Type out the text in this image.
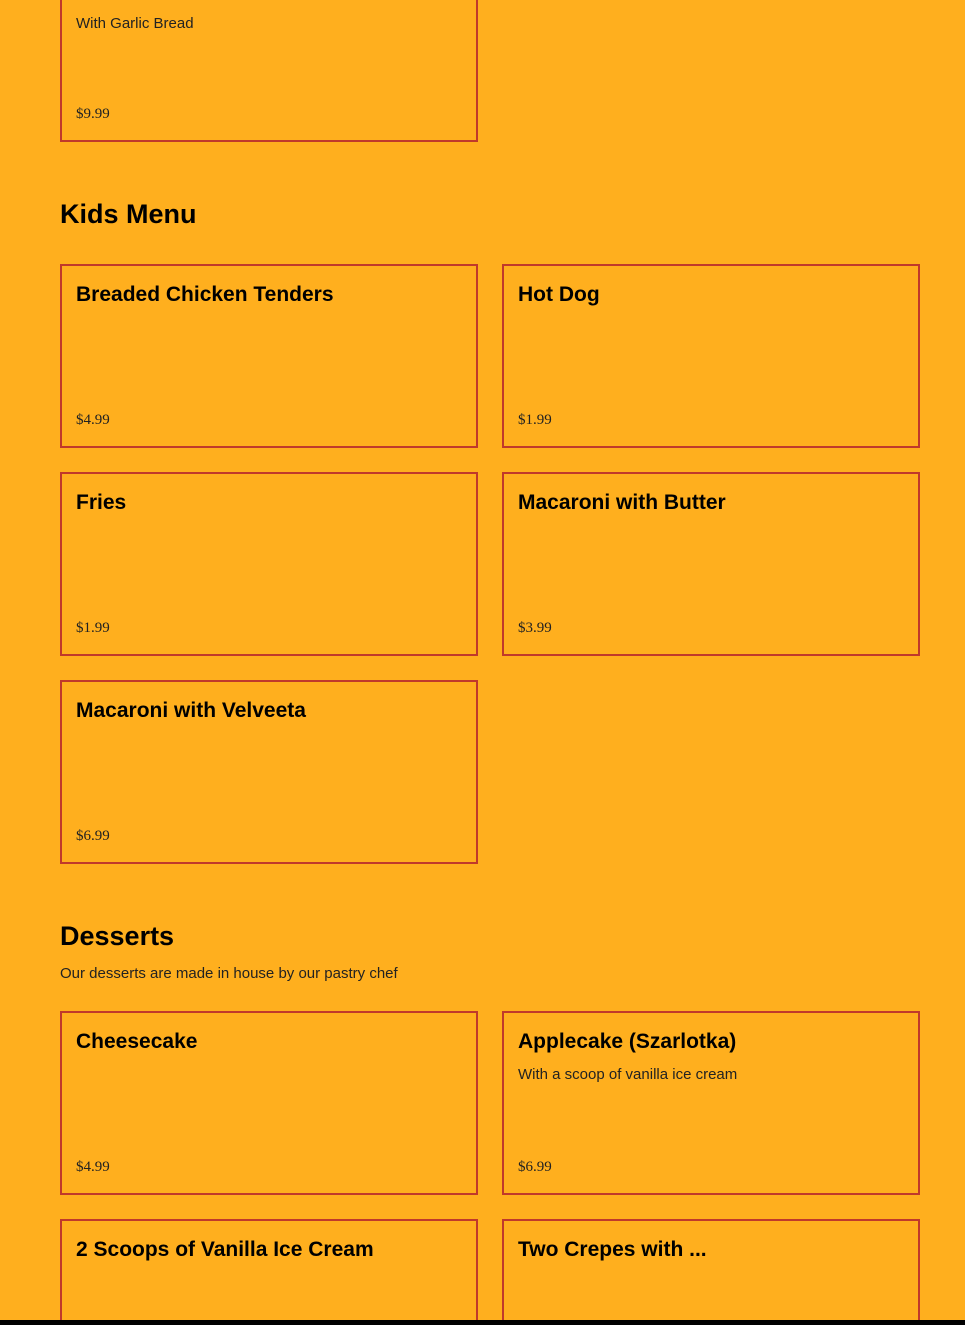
With Garlic Bread

$9.99

Kids Menu

Breaded Chicken Tenders

$4.99

Hot Dog

$1.99

Fries

$1.99

Macaroni with Butter

$3.99

Macaroni with Velveeta

$6.99

Desserts

Our desserts are made in house by our pastry chef

Cheesecake

$4.99

Applecake (Szarlotka)

With a scoop of vanilla ice cream

$6.99

2 Scoops of Vanilla Ice Cream	Two Crepes with ...
